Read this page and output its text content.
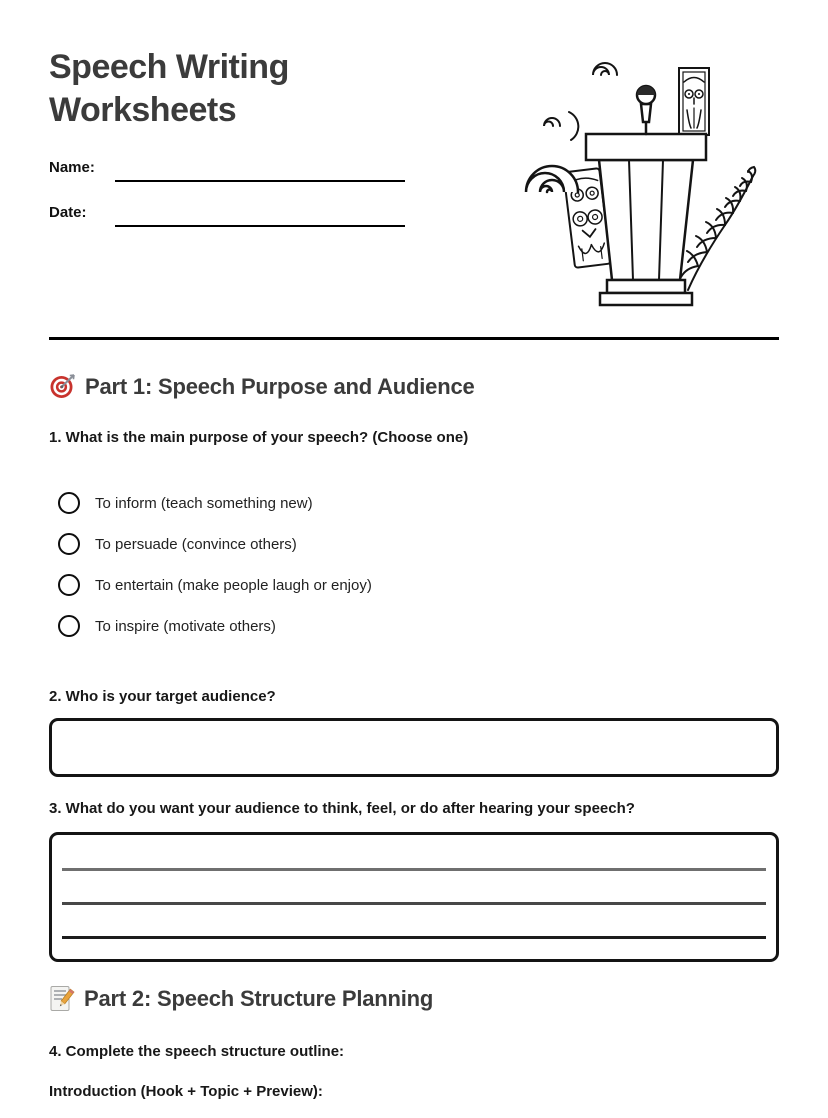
Speech Writing Worksheets
Name:
Date:
Part 1: Speech Purpose and Audience
1. What is the main purpose of your speech? (Choose one)
To inform (teach something new)
To persuade (convince others)
To entertain (make people laugh or enjoy)
To inspire (motivate others)
2. Who is your target audience?
3. What do you want your audience to think, feel, or do after hearing your speech?
Part 2: Speech Structure Planning
4. Complete the speech structure outline:
Introduction (Hook + Topic + Preview):
